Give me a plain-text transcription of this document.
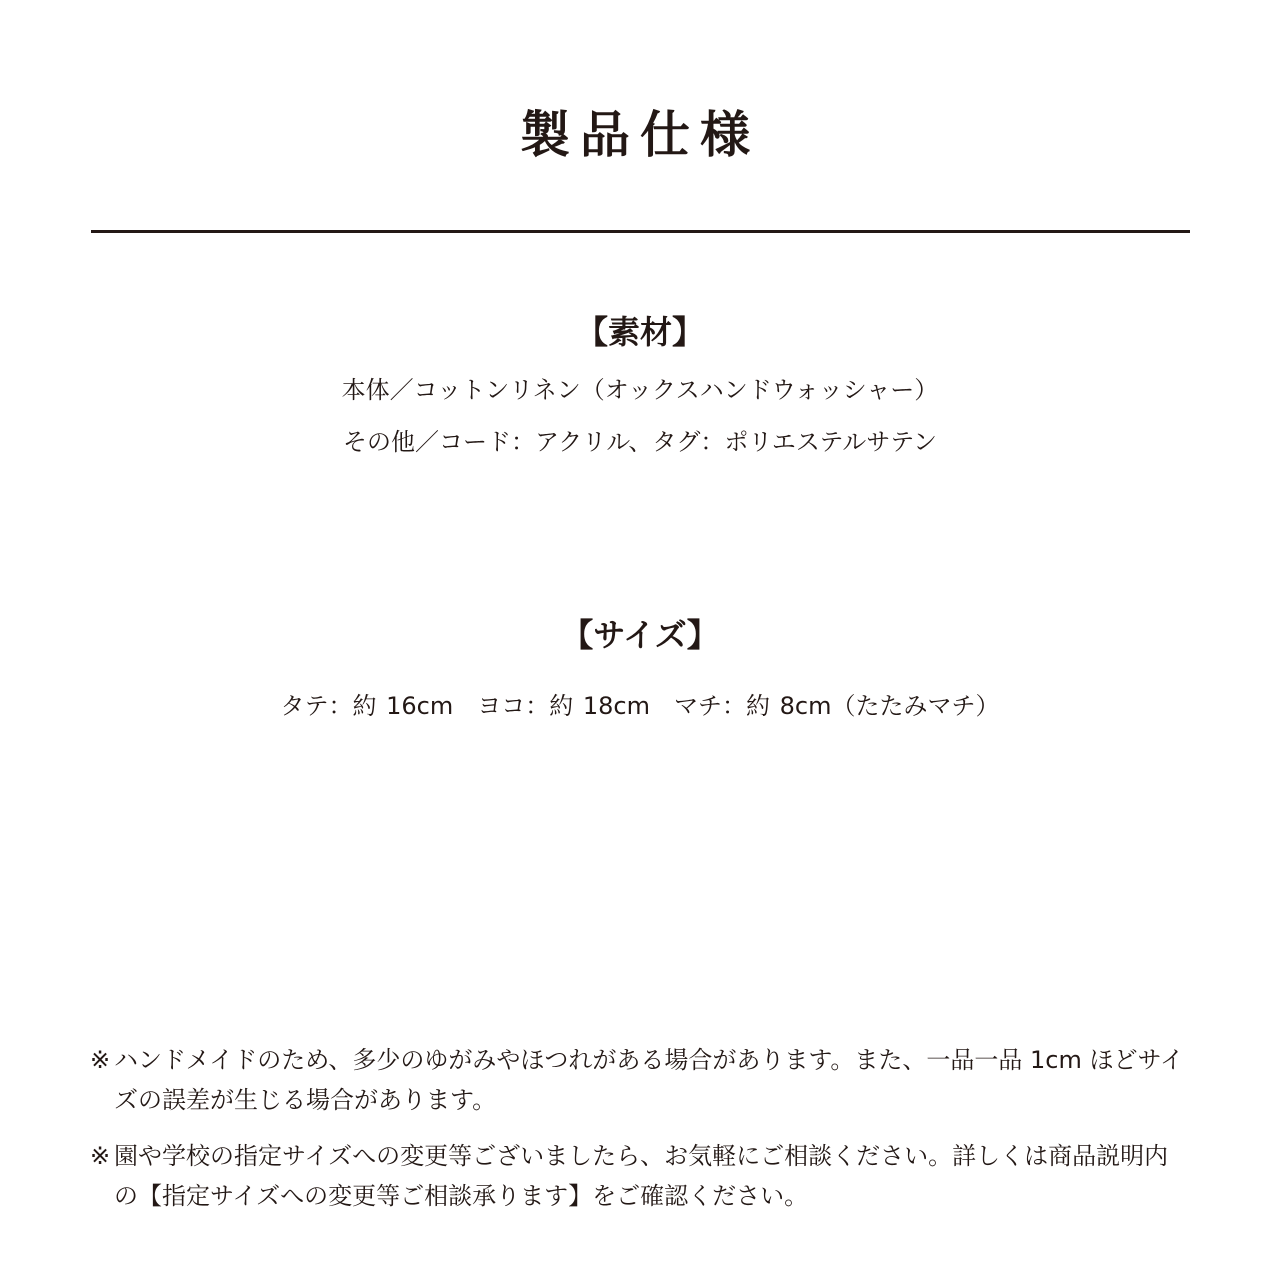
製品仕様
【素材】
本体／コットンリネン（オックスハンドウォッシャー）
その他／コード：アクリル、タグ：ポリエステルサテン
【サイズ】
タテ：約 16cm　ヨコ：約 18cm　マチ：約 8cm（たたみマチ）
※ ハンドメイドのため、多少のゆがみやほつれがある場合があります。また、一品一品 1cm ほどサイズの誤差が生じる場合があります。
※ 園や学校の指定サイズへの変更等ございましたら、お気軽にご相談ください。詳しくは商品説明内の【指定サイズへの変更等ご相談承ります】をご確認ください。
